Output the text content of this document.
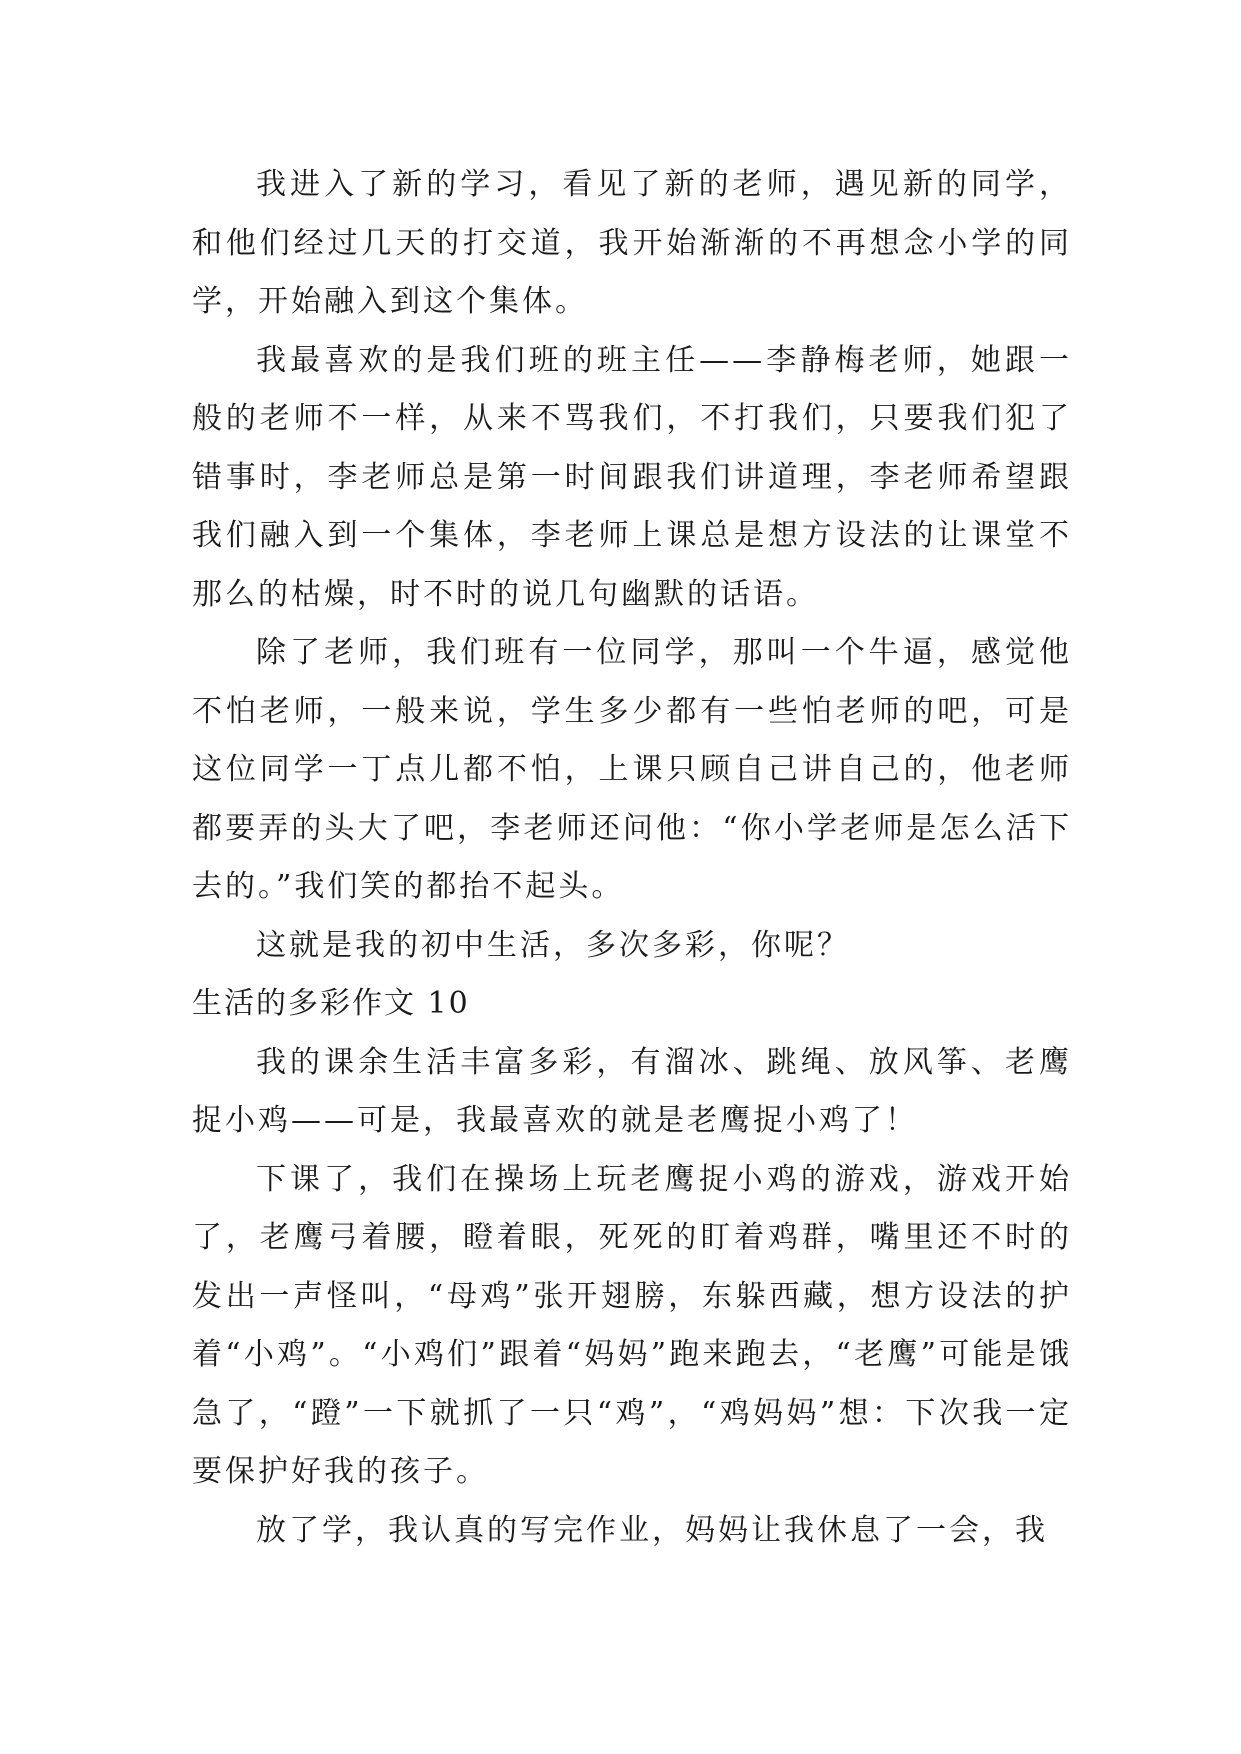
我进入了新的学习，看见了新的老师，遇见新的同学，和他们经过几天的打交道，我开始渐渐的不再想念小学的同学，开始融入到这个集体。

我最喜欢的是我们班的班主任——李静梅老师，她跟一般的老师不一样，从来不骂我们，不打我们，只要我们犯了错事时，李老师总是第一时间跟我们讲道理，李老师希望跟我们融入到一个集体，李老师上课总是想方设法的让课堂不那么的枯燥，时不时的说几句幽默的话语。

除了老师，我们班有一位同学，那叫一个牛逼，感觉他不怕老师，一般来说，学生多少都有一些怕老师的吧，可是这位同学一丁点儿都不怕，上课只顾自己讲自己的，他老师都要弄的头大了吧，李老师还问他：“你小学老师是怎么活下去的。”我们笑的都抬不起头。

这就是我的初中生活，多次多彩，你呢？

生活的多彩作文 10

我的课余生活丰富多彩，有溜冰、跳绳、放风筝、老鹰捉小鸡——可是，我最喜欢的就是老鹰捉小鸡了！

下课了，我们在操场上玩老鹰捉小鸡的游戏，游戏开始了，老鹰弓着腰，瞪着眼，死死的盯着鸡群，嘴里还不时的发出一声怪叫，“母鸡”张开翅膀，东躲西藏，想方设法的护着“小鸡”。“小鸡们”跟着“妈妈”跑来跑去，“老鹰”可能是饿急了，“蹬”一下就抓了一只“鸡”，“鸡妈妈”想：下次我一定要保护好我的孩子。

放了学，我认真的写完作业，妈妈让我休息了一会，我
